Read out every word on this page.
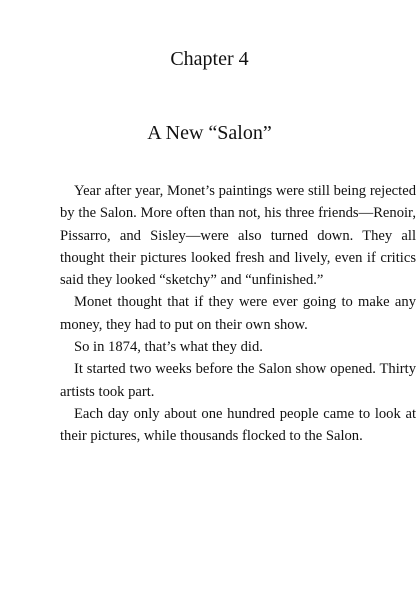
Chapter 4
A New “Salon”

Year after year, Monet’s paintings were still being rejected by the Salon. More often than not, his three friends—Renoir, Pissarro, and Sisley—were also turned down. They all thought their pictures looked fresh and lively, even if critics said they looked “sketchy” and “unfinished.”

Monet thought that if they were ever going to make any money, they had to put on their own show.

So in 1874, that’s what they did.

It started two weeks before the Salon show opened. Thirty artists took part.

Each day only about one hundred people came to look at their pictures, while thousands flocked to the Salon.
